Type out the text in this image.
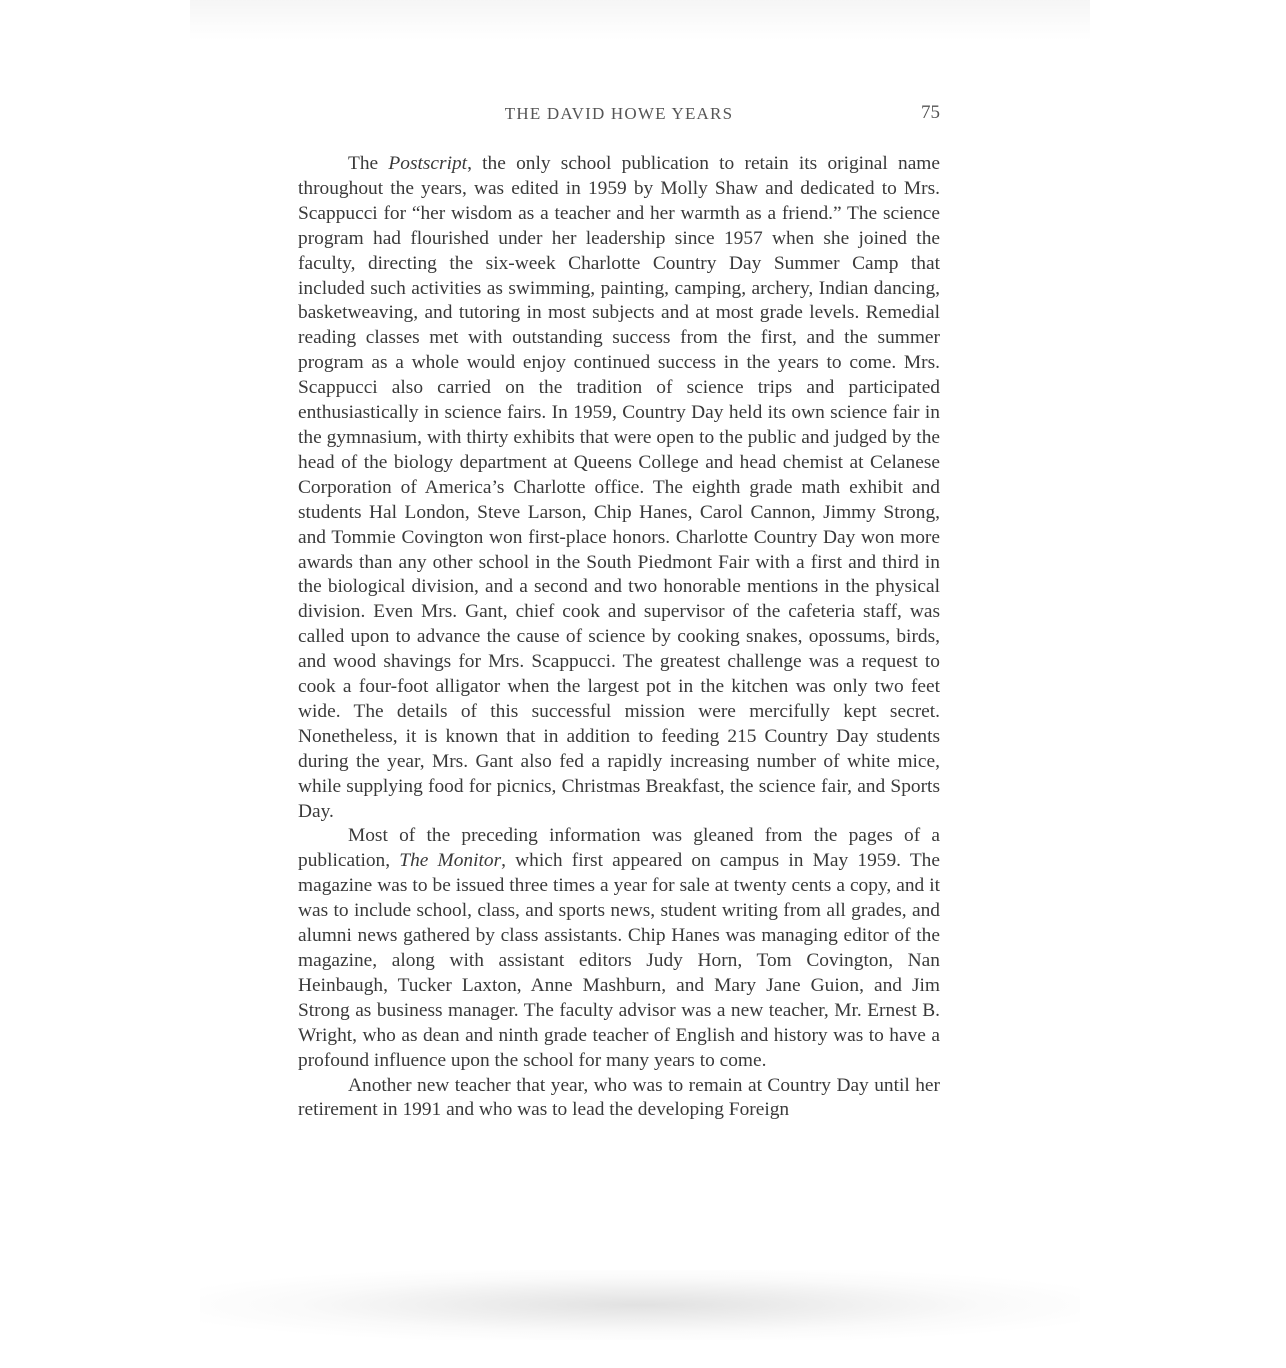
THE DAVID HOWE YEARS	75

The Postscript, the only school publication to retain its original name throughout the years, was edited in 1959 by Molly Shaw and dedicated to Mrs. Scappucci for “her wisdom as a teacher and her warmth as a friend.” The science program had flourished under her leadership since 1957 when she joined the faculty, directing the six-week Charlotte Country Day Summer Camp that included such activities as swimming, painting, camping, archery, Indian dancing, basketweaving, and tutoring in most subjects and at most grade levels. Remedial reading classes met with outstanding success from the first, and the summer program as a whole would enjoy continued success in the years to come. Mrs. Scappucci also carried on the tradition of science trips and participated enthusiastically in science fairs. In 1959, Country Day held its own science fair in the gymnasium, with thirty exhibits that were open to the public and judged by the head of the biology department at Queens College and head chemist at Celanese Corporation of America’s Charlotte office. The eighth grade math exhibit and students Hal London, Steve Larson, Chip Hanes, Carol Cannon, Jimmy Strong, and Tommie Covington won first-place honors. Charlotte Country Day won more awards than any other school in the South Piedmont Fair with a first and third in the biological division, and a second and two honorable mentions in the physical division. Even Mrs. Gant, chief cook and supervisor of the cafeteria staff, was called upon to advance the cause of science by cooking snakes, opossums, birds, and wood shavings for Mrs. Scappucci. The greatest challenge was a request to cook a four-foot alligator when the largest pot in the kitchen was only two feet wide. The details of this successful mission were mercifully kept secret. Nonetheless, it is known that in addition to feeding 215 Country Day students during the year, Mrs. Gant also fed a rapidly increasing number of white mice, while supplying food for picnics, Christmas Breakfast, the science fair, and Sports Day.

Most of the preceding information was gleaned from the pages of a publication, The Monitor, which first appeared on campus in May 1959. The magazine was to be issued three times a year for sale at twenty cents a copy, and it was to include school, class, and sports news, student writing from all grades, and alumni news gathered by class assistants. Chip Hanes was managing editor of the magazine, along with assistant editors Judy Horn, Tom Covington, Nan Heinbaugh, Tucker Laxton, Anne Mashburn, and Mary Jane Guion, and Jim Strong as business manager. The faculty advisor was a new teacher, Mr. Ernest B. Wright, who as dean and ninth grade teacher of English and history was to have a profound influence upon the school for many years to come.

Another new teacher that year, who was to remain at Country Day until her retirement in 1991 and who was to lead the developing Foreign
